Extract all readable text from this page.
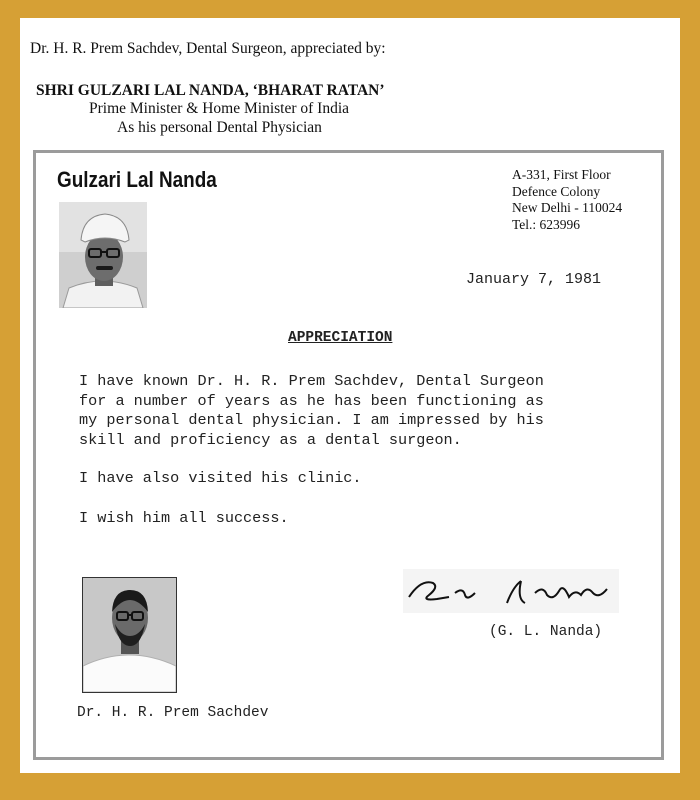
Dr. H. R. Prem Sachdev, Dental Surgeon, appreciated by:
SHRI GULZARI LAL NANDA, ‘BHARAT RATAN’
Prime Minister & Home Minister of India
As his personal Dental Physician
Gulzari Lal Nanda	A-331, First Floor
Defence Colony
New Delhi - 110024
Tel.: 623996
January 7, 1981
APPRECIATION
I have known Dr. H. R. Prem Sachdev, Dental Surgeon
for a number of years as he has been functioning as
my personal dental physician. I am impressed by his
skill and proficiency as a dental surgeon.
I have also visited his clinic.
I wish him all success.
(G. L. Nanda)
Dr. H. R. Prem Sachdev
